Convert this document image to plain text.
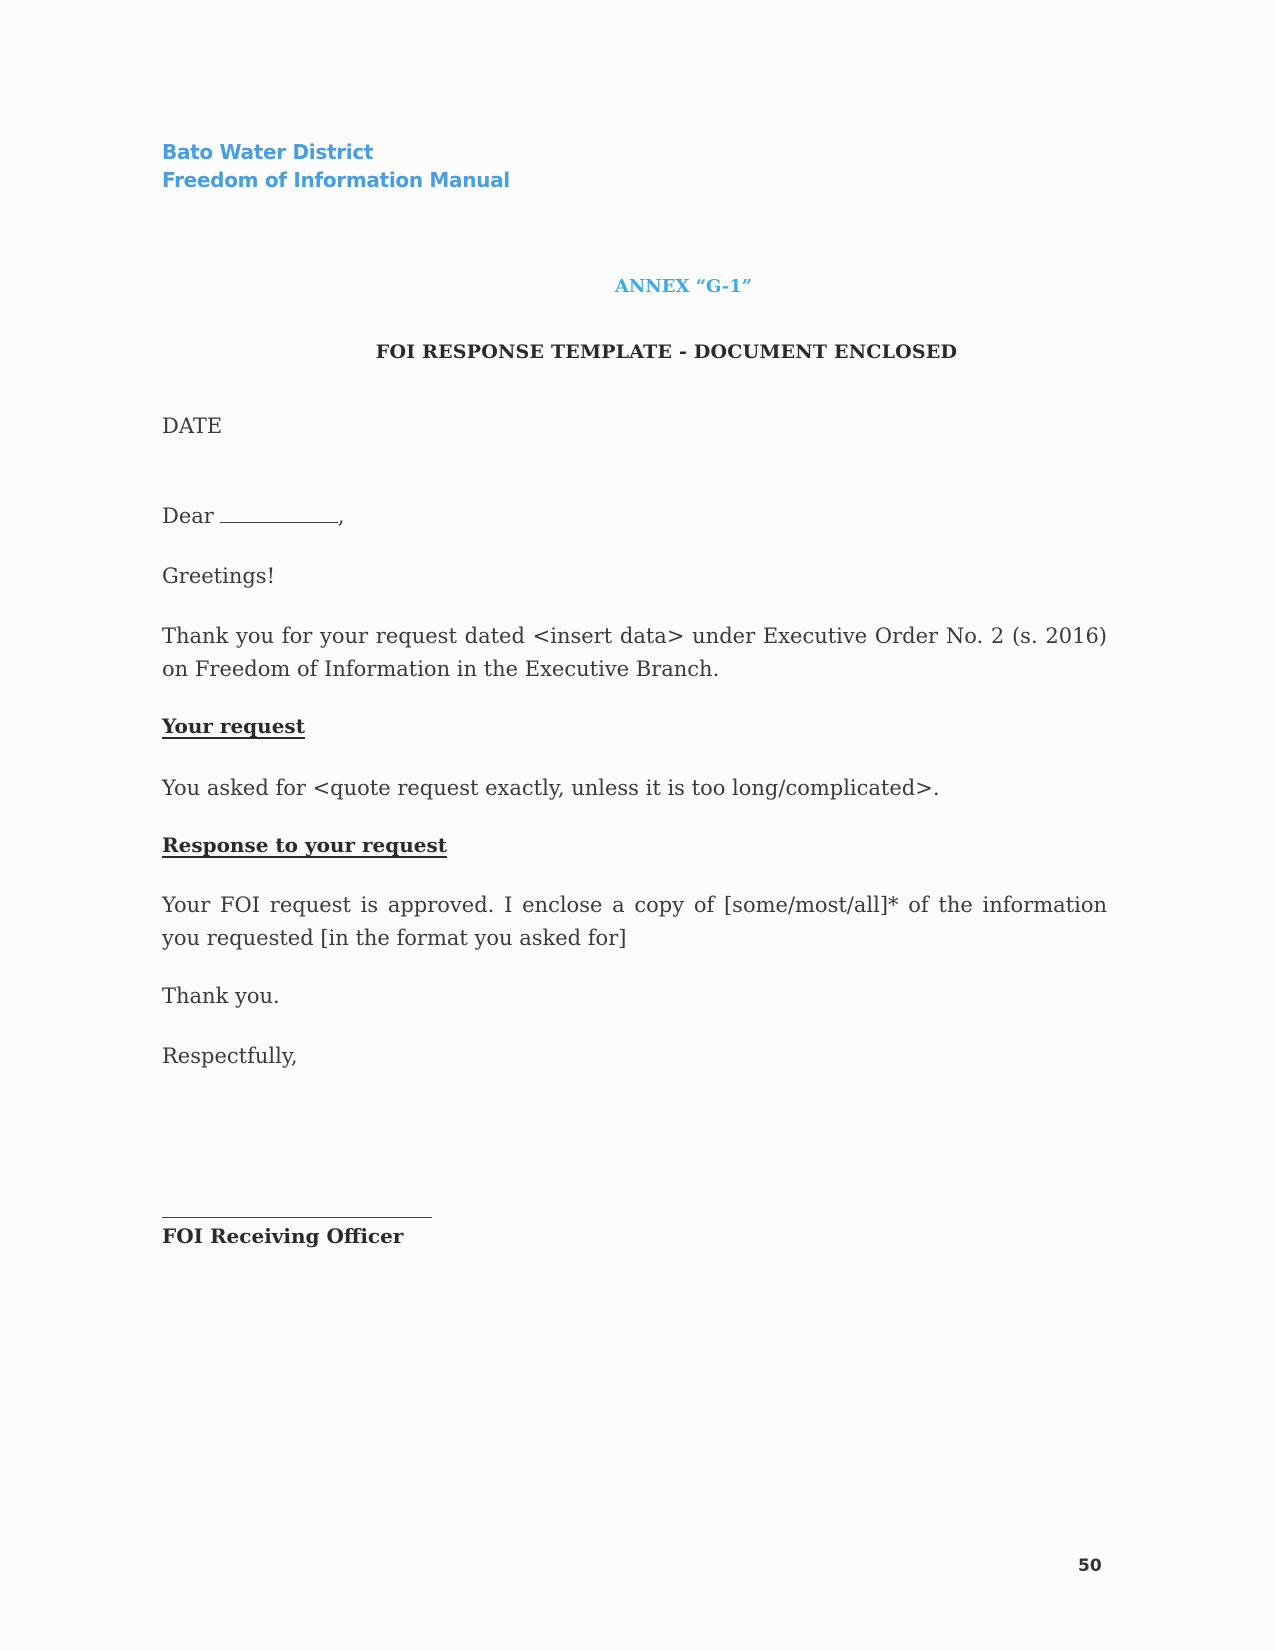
Bato Water District
Freedom of Information Manual
ANNEX “G-1”
FOI RESPONSE TEMPLATE - DOCUMENT ENCLOSED
DATE
Dear	,
Greetings!
Thank you for your request dated <insert data> under Executive Order No. 2 (s. 2016) on Freedom of Information in the Executive Branch.
Your request
You asked for <quote request exactly, unless it is too long/complicated>.
Response to your request
Your FOI request is approved. I enclose a copy of [some/most/all]* of the information you requested [in the format you asked for]
Thank you.
Respectfully,
FOI Receiving Officer
50
